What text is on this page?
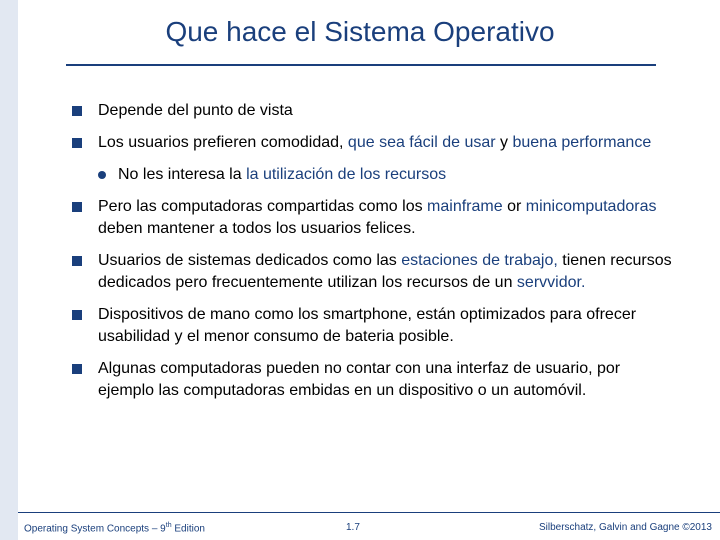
Que hace el Sistema Operativo
Depende del punto de vista
Los usuarios prefieren comodidad, que sea fácil de usar y buena performance
No les interesa la la utilización de los recursos
Pero las computadoras compartidas como los mainframe or minicomputadoras deben mantener a todos los usuarios felices.
Usuarios de sistemas dedicados como las estaciones de trabajo, tienen recursos dedicados pero frecuentemente utilizan los recursos de un servvidor.
Dispositivos de mano como los smartphone, están optimizados para ofrecer usabilidad y el menor consumo de bateria posible.
Algunas computadoras pueden no contar con una interfaz de usuario, por ejemplo las computadoras embidas en un dispositivo o un automóvil.
Operating System Concepts – 9th Edition	1.7	Silberschatz, Galvin and Gagne ©2013
